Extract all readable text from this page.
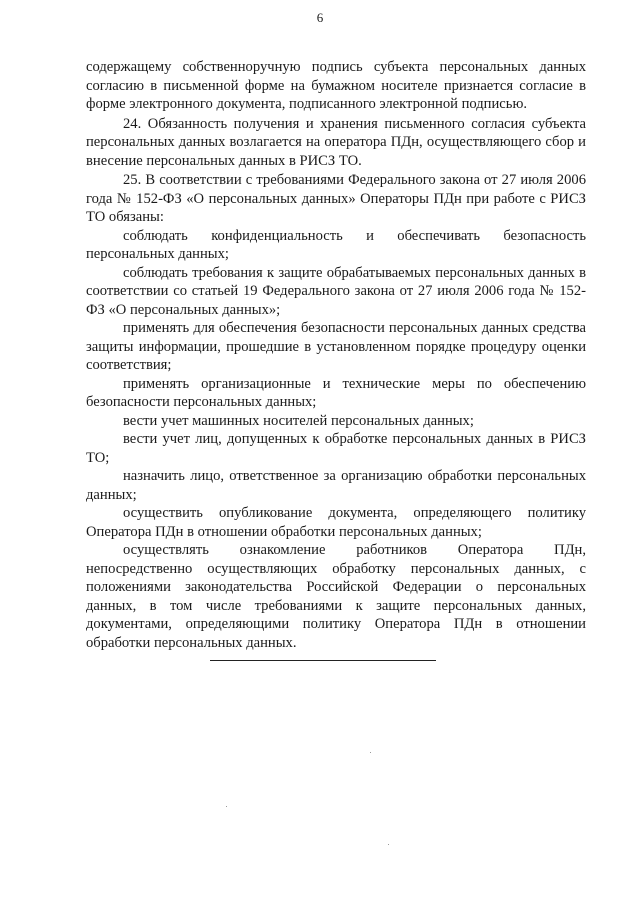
6

содержащему собственноручную подпись субъекта персональных данных согласию в письменной форме на бумажном носителе признается согласие в форме электронного документа, подписанного электронной подписью.

24. Обязанность получения и хранения письменного согласия субъекта персональных данных возлагается на оператора ПДн, осуществляющего сбор и внесение персональных данных в РИСЗ ТО.

25. В соответствии с требованиями Федерального закона от 27 июля 2006 года № 152-ФЗ «О персональных данных» Операторы ПДн при работе с РИСЗ ТО обязаны:

соблюдать конфиденциальность и обеспечивать безопасность персональных данных;

соблюдать требования к защите обрабатываемых персональных данных в соответствии со статьей 19 Федерального закона от 27 июля 2006 года № 152-ФЗ «О персональных данных»;

применять для обеспечения безопасности персональных данных средства защиты информации, прошедшие в установленном порядке процедуру оценки соответствия;

применять организационные и технические меры по обеспечению безопасности персональных данных;

вести учет машинных носителей персональных данных;

вести учет лиц, допущенных к обработке персональных данных в РИСЗ ТО;

назначить лицо, ответственное за организацию обработки персональных данных;

осуществить опубликование документа, определяющего политику Оператора ПДн в отношении обработки персональных данных;

осуществлять ознакомление работников Оператора ПДн, непосредственно осуществляющих обработку персональных данных, с положениями законодательства Российской Федерации о персональных данных, в том числе требованиями к защите персональных данных, документами, определяющими политику Оператора ПДн в отношении обработки персональных данных.
